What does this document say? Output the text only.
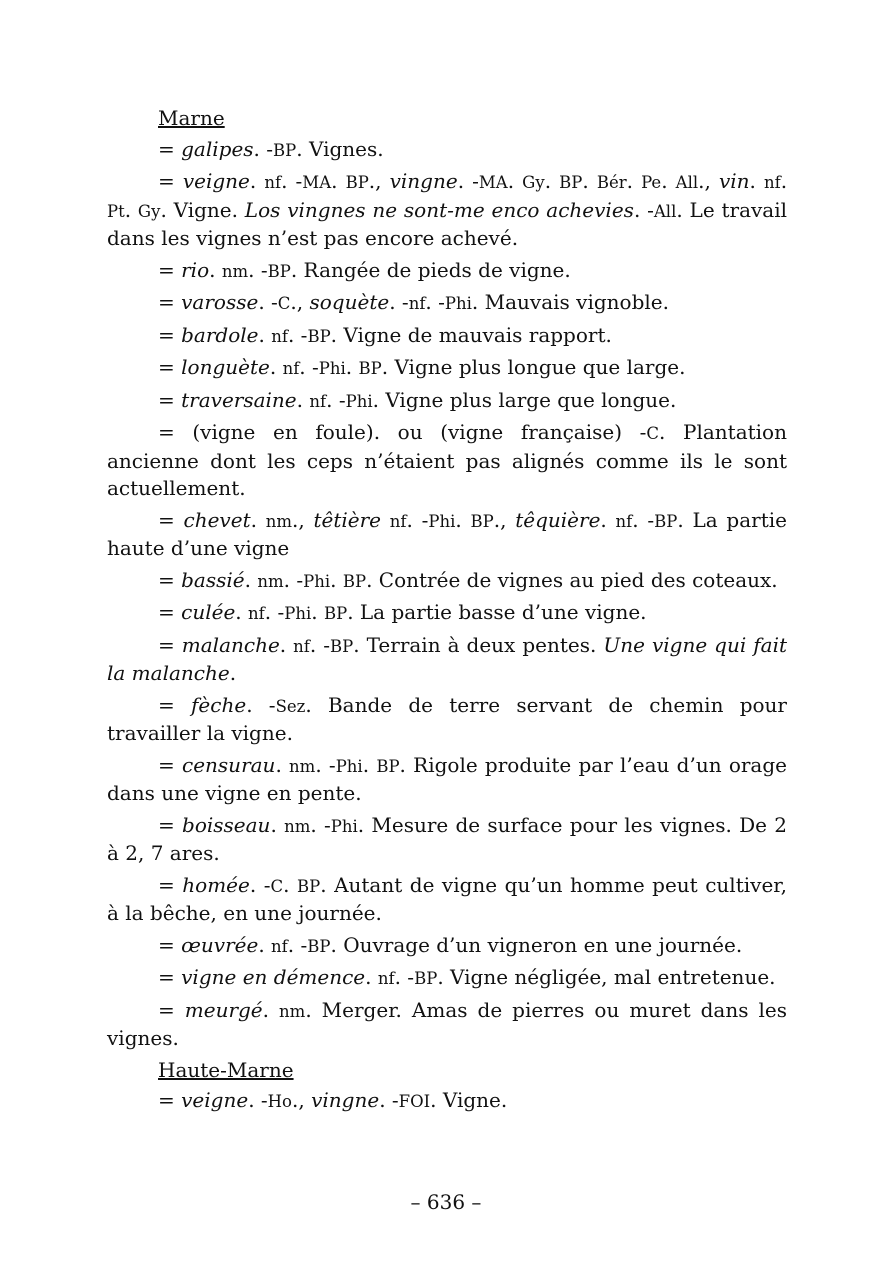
Marne

= galipes. -BP. Vignes.

= veigne. nf. -MA. BP., vingne. -MA. Gy. BP. Bér. Pe. All., vin. nf. Pt. Gy. Vigne. Los vingnes ne sont-me enco achevies. -All. Le travail dans les vignes n’est pas encore achevé.

= rio. nm. -BP. Rangée de pieds de vigne.

= varosse. -C., soquète. -nf. -Phi. Mauvais vignoble.

= bardole. nf. -BP. Vigne de mauvais rapport.

= longuète. nf. -Phi. BP. Vigne plus longue que large.

= traversaine. nf. -Phi. Vigne plus large que longue.

= (vigne en foule). ou (vigne française) -C. Plantation ancienne dont les ceps n’étaient pas alignés comme ils le sont actuellement.

= chevet. nm., têtière nf. -Phi. BP., têquière. nf. -BP. La partie haute d’une vigne

= bassié. nm. -Phi. BP. Contrée de vignes au pied des coteaux.

= culée. nf. -Phi. BP. La partie basse d’une vigne.

= malanche. nf. -BP. Terrain à deux pentes. Une vigne qui fait la malanche.

= fèche. -Sez. Bande de terre servant de chemin pour travailler la vigne.

= censurau. nm. -Phi. BP. Rigole produite par l’eau d’un orage dans une vigne en pente.

= boisseau. nm. -Phi. Mesure de surface pour les vignes. De 2 à 2, 7 ares.

= homée. -C. BP. Autant de vigne qu’un homme peut cultiver, à la bêche, en une journée.

= œuvrée. nf. -BP. Ouvrage d’un vigneron en une journée.

= vigne en démence. nf. -BP. Vigne négligée, mal entretenue.

= meurgé. nm. Merger. Amas de pierres ou muret dans les vignes.

Haute-Marne

= veigne. -Ho., vingne. -FOI. Vigne.

– 636 –
